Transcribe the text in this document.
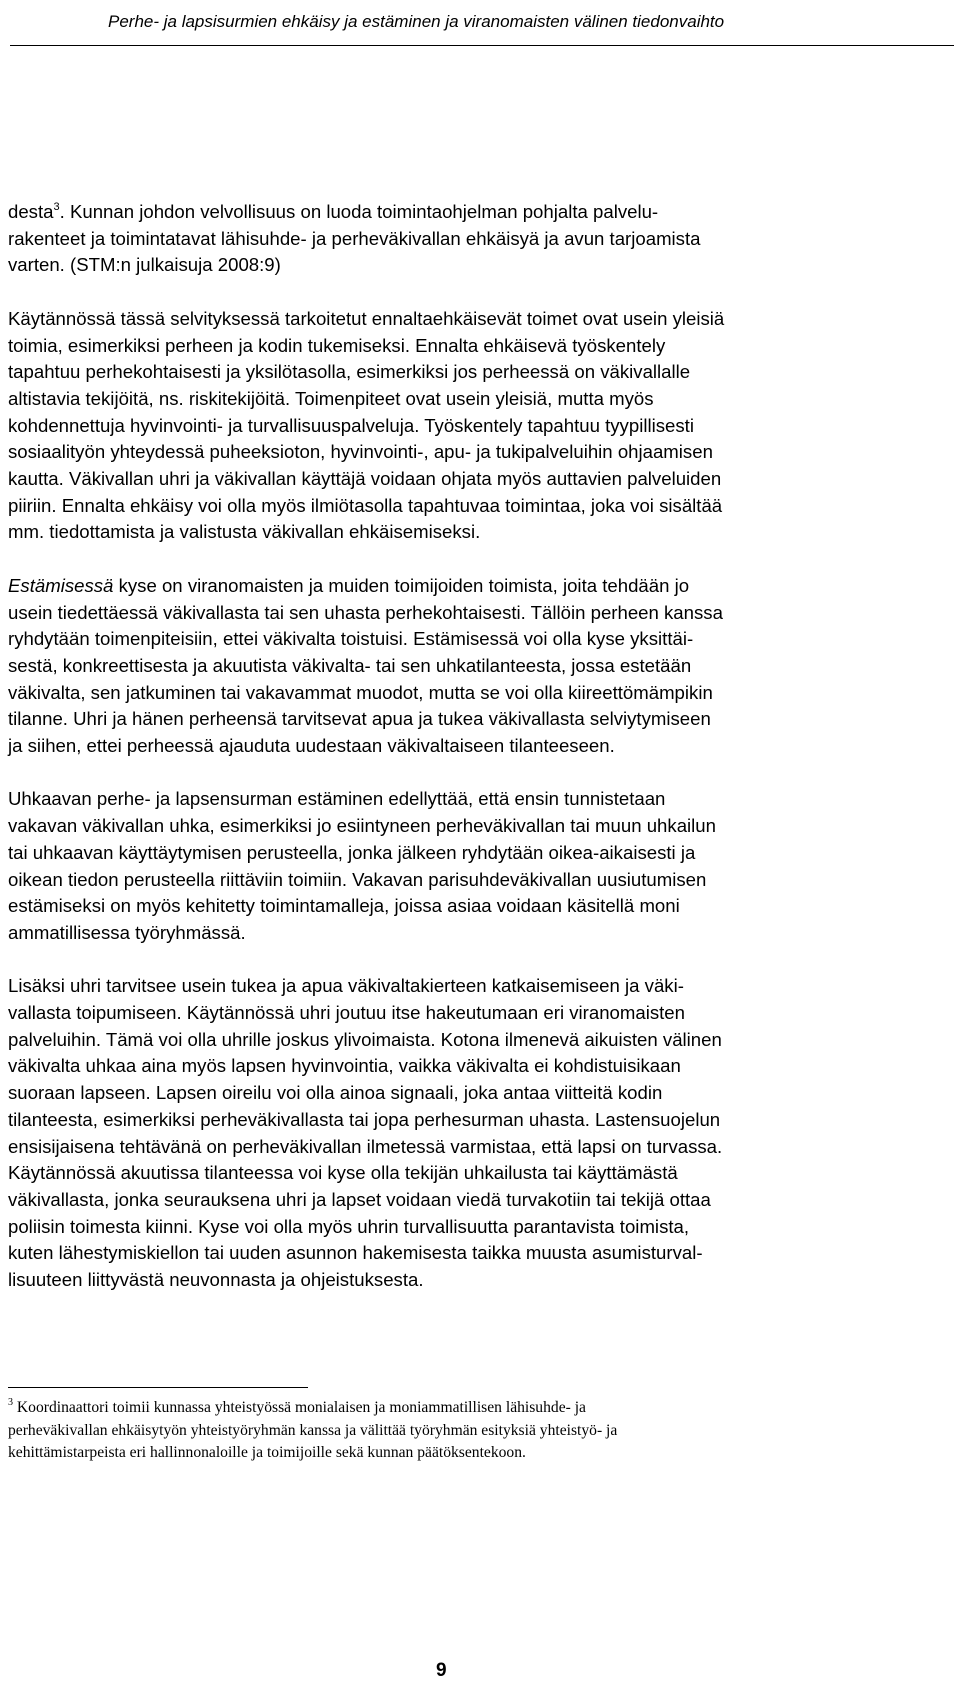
Perhe- ja lapsisurmien ehkäisy ja estäminen ja viranomaisten välinen tiedonvaihto

desta$^3$. Kunnan johdon velvollisuus on luoda toimintaohjelman pohjalta palvelu-
rakenteet ja toimintatavat lähisuhde- ja perheväkivallan ehkäisyä ja avun tarjoamista
varten. (STM:n julkaisuja 2008:9)

Käytännössä tässä selvityksessä tarkoitetut ennaltaehkäisevät toimet ovat usein yleisiä
toimia, esimerkiksi perheen ja kodin tukemiseksi. Ennalta ehkäisevä työskentely
tapahtuu perhekohtaisesti ja yksilötasolla, esimerkiksi jos perheessä on väkivallalle
altistavia tekijöitä, ns. riskitekijöitä. Toimenpiteet ovat usein yleisiä, mutta myös
kohdennettuja hyvinvointi- ja turvallisuuspalveluja. Työskentely tapahtuu tyypillisesti
sosiaalityön yhteydessä puheeksioton, hyvinvointi-, apu- ja tukipalveluihin ohjaamisen
kautta. Väkivallan uhri ja väkivallan käyttäjä voidaan ohjata myös auttavien palveluiden
piiriin. Ennalta ehkäisy voi olla myös ilmiötasolla tapahtuvaa toimintaa, joka voi sisältää
mm. tiedottamista ja valistusta väkivallan ehkäisemiseksi.

Estämisessä kyse on viranomaisten ja muiden toimijoiden toimista, joita tehdään jo
usein tiedettäessä väkivallasta tai sen uhasta perhekohtaisesti. Tällöin perheen kanssa
ryhdytään toimenpiteisiin, ettei väkivalta toistuisi. Estämisessä voi olla kyse yksittäi-
sestä, konkreettisesta ja akuutista väkivalta- tai sen uhkatilanteesta, jossa estetään
väkivalta, sen jatkuminen tai vakavammat muodot, mutta se voi olla kiireettömämpikin
tilanne. Uhri ja hänen perheensä tarvitsevat apua ja tukea väkivallasta selviytymiseen
ja siihen, ettei perheessä ajauduta uudestaan väkivaltaiseen tilanteeseen.

Uhkaavan perhe- ja lapsensurman estäminen edellyttää, että ensin tunnistetaan
vakavan väkivallan uhka, esimerkiksi jo esiintyneen perheväkivallan tai muun uhkailun
tai uhkaavan käyttäytymisen perusteella, jonka jälkeen ryhdytään oikea-aikaisesti ja
oikean tiedon perusteella riittäviin toimiin. Vakavan parisuhdeväkivallan uusiutumisen
estämiseksi on myös kehitetty toimintamalleja, joissa asiaa voidaan käsitellä moni
ammatillisessa työryhmässä.

Lisäksi uhri tarvitsee usein tukea ja apua väkivaltakierteen katkaisemiseen ja väki-
vallasta toipumiseen. Käytännössä uhri joutuu itse hakeutumaan eri viranomaisten
palveluihin. Tämä voi olla uhrille joskus ylivoimaista. Kotona ilmenevä aikuisten välinen
väkivalta uhkaa aina myös lapsen hyvinvointia, vaikka väkivalta ei kohdistuisikaan
suoraan lapseen. Lapsen oireilu voi olla ainoa signaali, joka antaa viitteitä kodin
tilanteesta, esimerkiksi perheväkivallasta tai jopa perhesurman uhasta. Lastensuojelun
ensisijaisena tehtävänä on perheväkivallan ilmetessä varmistaa, että lapsi on turvassa.
Käytännössä akuutissa tilanteessa voi kyse olla tekijän uhkailusta tai käyttämästä
väkivallasta, jonka seurauksena uhri ja lapset voidaan viedä turvakotiin tai tekijä ottaa
poliisin toimesta kiinni. Kyse voi olla myös uhrin turvallisuutta parantavista toimista,
kuten lähestymiskiellon tai uuden asunnon hakemisesta taikka muusta asumisturval-
lisuuteen liittyvästä neuvonnasta ja ohjeistuksesta.

$^3$ Koordinaattori toimii kunnassa yhteistyössä monialaisen ja moniammatillisen lähisuhde- ja
perheväkivallan ehkäisytyön yhteistyöryhmän kanssa ja välittää työryhmän esityksiä yhteistyö- ja
kehittämistarpeista eri hallinnonaloille ja toimijoille sekä kunnan päätöksentekoon.
9
